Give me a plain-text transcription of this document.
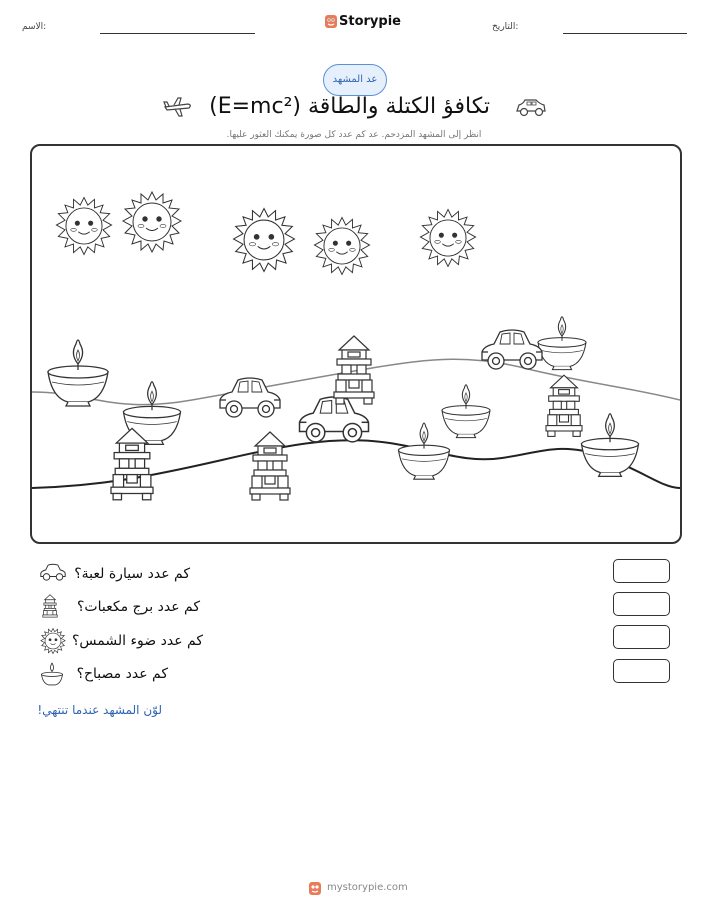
الاسم:	Storypie	التاريخ:
عد المشهد
تكافؤ الكتلة والطاقة (E=mc²)
انظر إلى المشهد المزدحم. عد كم عدد كل صورة يمكنك العثور عليها.
كم عدد سيارة لعبة؟
كم عدد برج مكعبات؟
كم عدد ضوء الشمس؟
كم عدد مصباح؟
لوّن المشهد عندما تنتهي!
mystorypie.com
